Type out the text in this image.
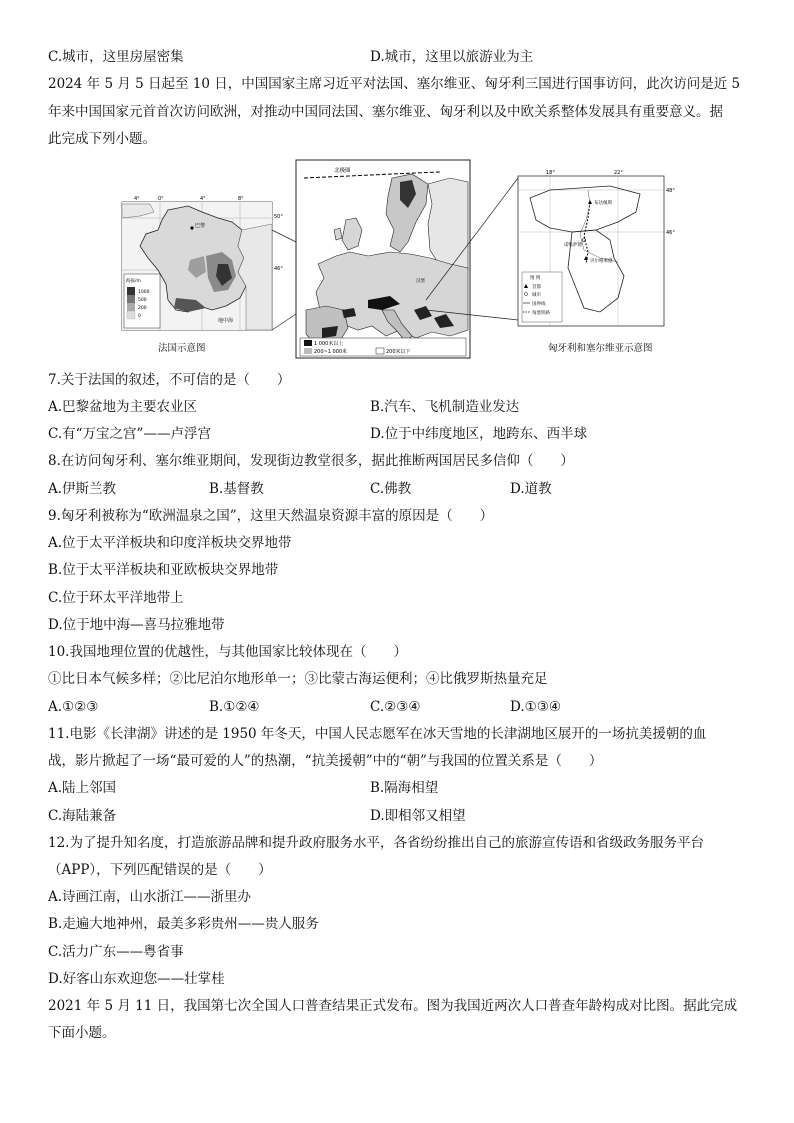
C.城市，这里房屋密集	D.城市，这里以旅游业为主
2024 年 5 月 5 日起至 10 日，中国国家主席习近平对法国、塞尔维亚、匈牙利三国进行国事访问，此次访问是近 5
年来中国国家元首首次访问欧洲，对推动中国同法国、塞尔维亚、匈牙利以及中欧关系整体发展具有重要意义。据
此完成下列小题。
巴黎
地中海
4°	0°	4°	8°
50°
46°
海拔/m
1000
500
200
0
北极圈
汉堡
1 000米以上
200~1 000米	200米以下
18°	22°
48°
46°
布达佩斯
诺维萨德
贝尔格莱德
图 例
首都
城市
国界线
匈塞铁路
法国示意图	匈牙利和塞尔维亚示意图
7.关于法国的叙述，不可信的是（　　）
A.巴黎盆地为主要农业区	B.汽车、飞机制造业发达
C.有“万宝之宫”——卢浮宫	D.位于中纬度地区，地跨东、西半球
8.在访问匈牙利、塞尔维亚期间，发现街边教堂很多，据此推断两国居民多信仰（　　）
A.伊斯兰教	B.基督教	C.佛教	D.道教
9.匈牙利被称为“欧洲温泉之国”，这里天然温泉资源丰富的原因是（　　）
A.位于太平洋板块和印度洋板块交界地带
B.位于太平洋板块和亚欧板块交界地带
C.位于环太平洋地带上
D.位于地中海—喜马拉雅地带
10.我国地理位置的优越性，与其他国家比较体现在（　　）
①比日本气候多样；②比尼泊尔地形单一；③比蒙古海运便利；④比俄罗斯热量充足
A.①②③	B.①②④	C.②③④	D.①③④
11.电影《长津湖》讲述的是 1950 年冬天，中国人民志愿军在冰天雪地的长津湖地区展开的一场抗美援朝的血
战，影片掀起了一场“最可爱的人”的热潮，“抗美援朝”中的“朝”与我国的位置关系是（　　）
A.陆上邻国	B.隔海相望
C.海陆兼备	D.即相邻又相望
12.为了提升知名度，打造旅游品牌和提升政府服务水平，各省纷纷推出自己的旅游宣传语和省级政务服务平台
（APP），下列匹配错误的是（　　）
A.诗画江南，山水浙江——浙里办
B.走遍大地神州，最美多彩贵州——贵人服务
C.活力广东——粤省事
D.好客山东欢迎您——壮掌桂
2021 年 5 月 11 日，我国第七次全国人口普查结果正式发布。图为我国近两次人口普查年龄构成对比图。据此完成
下面小题。
